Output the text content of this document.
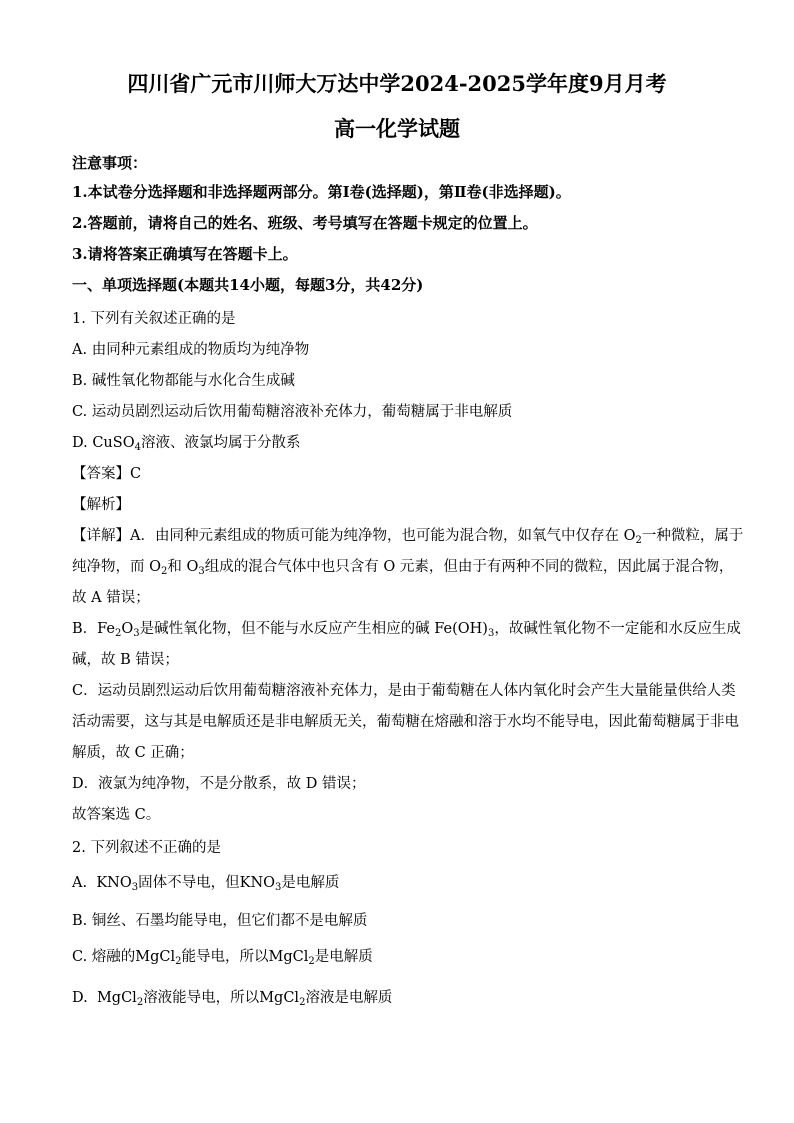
四川省广元市川师大万达中学2024-2025学年度9月月考
高一化学试题
注意事项：
1.本试卷分选择题和非选择题两部分。第Ⅰ卷(选择题)，第Ⅱ卷(非选择题)。
2.答题前，请将自己的姓名、班级、考号填写在答题卡规定的位置上。
3.请将答案正确填写在答题卡上。
一、单项选择题(本题共14小题，每题3分，共42分)
1. 下列有关叙述正确的是
A. 由同种元素组成的物质均为纯净物
B. 碱性氧化物都能与水化合生成碱
C. 运动员剧烈运动后饮用葡萄糖溶液补充体力，葡萄糖属于非电解质
D. CuSO$_4$溶液、液氯均属于分散系
【答案】C
【解析】
【详解】A．由同种元素组成的物质可能为纯净物，也可能为混合物，如氧气中仅存在 $O_2$一种微粒，属于
纯净物，而 $O_2$和 $O_3$组成的混合气体中也只含有 O 元素，但由于有两种不同的微粒，因此属于混合物，
故 A 错误；
B．$Fe_2O_3$是碱性氧化物，但不能与水反应产生相应的碱 $Fe(OH)_3$，故碱性氧化物不一定能和水反应生成
碱，故 B 错误；
C．运动员剧烈运动后饮用葡萄糖溶液补充体力，是由于葡萄糖在人体内氧化时会产生大量能量供给人类
活动需要，这与其是电解质还是非电解质无关，葡萄糖在熔融和溶于水均不能导电，因此葡萄糖属于非电
解质，故 C 正确；
D．液氯为纯净物，不是分散系，故 D 错误；
故答案选 C。
2. 下列叙述不正确的是
A. $KNO_3$固体不导电，但$KNO_3$是电解质
B. 铜丝、石墨均能导电，但它们都不是电解质
C. 熔融的MgCl$_2$能导电，所以MgCl$_2$是电解质
D. MgCl$_2$溶液能导电，所以MgCl$_2$溶液是电解质
